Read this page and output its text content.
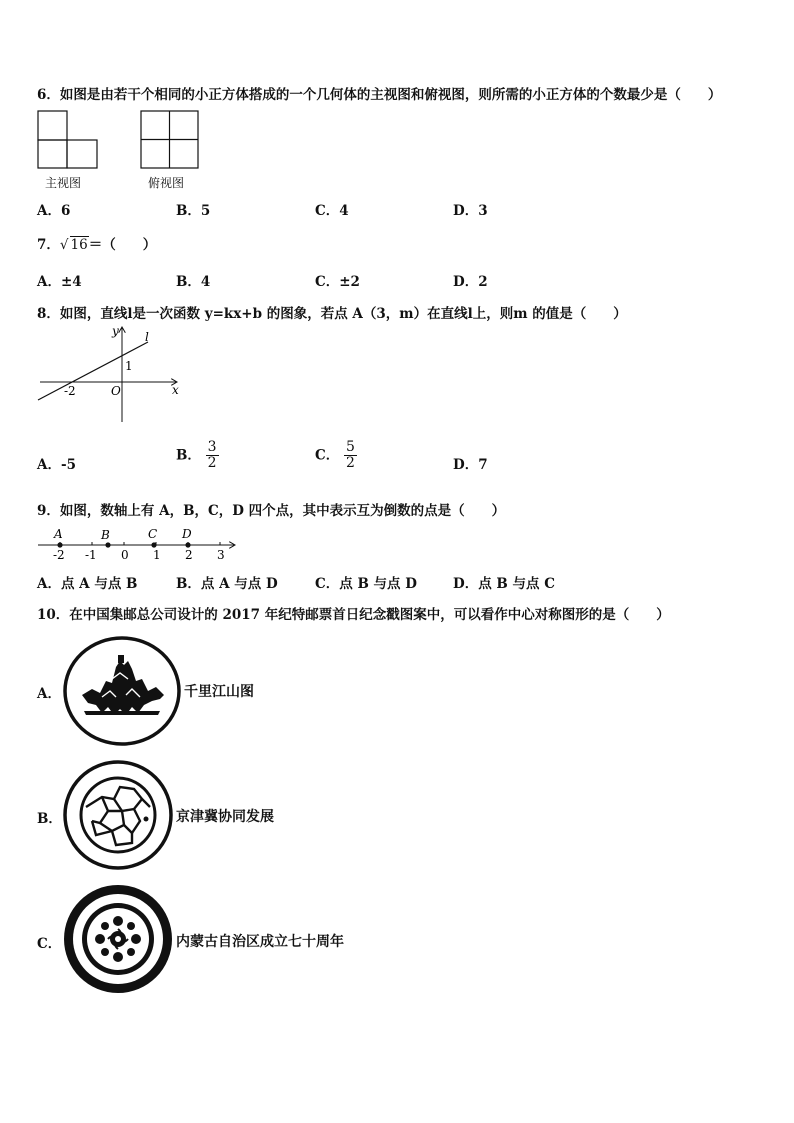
6．如图是由若干个相同的小正方体搭成的一个几何体的主视图和俯视图，则所需的小正方体的个数最少是（　　）
主视图	俯视图
A．6	B．5	C．4	D．3
7．√ 16＝（　　）
A．±4	B．4	C．±2	D．2
8．如图，直线l是一次函数 y=kx+b 的图象，若点 A（3，m）在直线l上，则m 的值是（　　）
y
x
l
O
-2
1
A．-5
B． $\frac{3}{2}$	C． $\frac{5}{2}$	D．7
9．如图，数轴上有 A，B，C，D 四个点，其中表示互为倒数的点是（　　）
A	B	C D
-2 -1 0 1 2 3
A．点 A 与点 B	B．点 A 与点 D	C．点 B 与点 D	D．点 B 与点 C
10．在中国集邮总公司设计的 2017 年纪特邮票首日纪念戳图案中，可以看作中心对称图形的是（　　）
A．	千里江山图
B．	京津冀协同发展
C．	内蒙古自治区成立七十周年
